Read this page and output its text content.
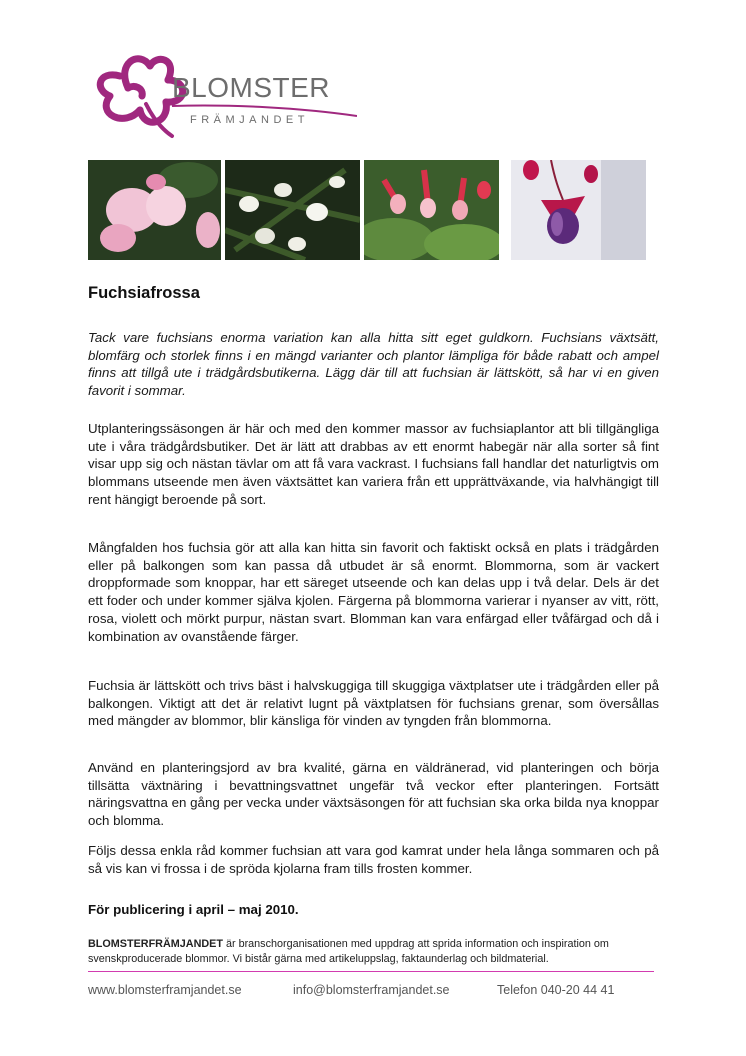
BLOMSTER
FRÄMJANDET
Fuchsiafrossa

Tack vare fuchsians enorma variation kan alla hitta sitt eget guldkorn. Fuchsians växtsätt, blomfärg och storlek finns i en mängd varianter och plantor lämpliga för både rabatt och ampel finns att tillgå ute i trädgårdsbutikerna. Lägg där till att fuchsian är lättskött, så har vi en given favorit i sommar.

Utplanteringssäsongen är här och med den kommer massor av fuchsiaplantor att bli tillgängliga ute i våra trädgårdsbutiker. Det är lätt att drabbas av ett enormt habegär när alla sorter så fint visar upp sig och nästan tävlar om att få vara vackrast. I fuchsians fall handlar det naturligtvis om blommans utseende men även växtsättet kan variera från ett upprättväxande, via halvhängigt till rent hängigt beroende på sort.

Mångfalden hos fuchsia gör att alla kan hitta sin favorit och faktiskt också en plats i trädgården eller på balkongen som kan passa då utbudet är så enormt. Blommorna, som är vackert droppformade som knoppar, har ett säreget utseende och kan delas upp i två delar. Dels är det ett foder och under kommer själva kjolen. Färgerna på blommorna varierar i nyanser av vitt, rött, rosa, violett och mörkt purpur, nästan svart. Blomman kan vara enfärgad eller tvåfärgad och då i kombination av ovanstående färger.

Fuchsia är lättskött och trivs bäst i halvskuggiga till skuggiga växtplatser ute i trädgården eller på balkongen. Viktigt att det är relativt lugnt på växtplatsen för fuchsians grenar, som översållas med mängder av blommor, blir känsliga för vinden av tyngden från blommorna.

Använd en planteringsjord av bra kvalité, gärna en väldränerad, vid planteringen och börja tillsätta växtnäring i bevattningsvattnet ungefär två veckor efter planteringen. Fortsätt näringsvattna en gång per vecka under växtsäsongen för att fuchsian ska orka bilda nya knoppar och blomma.

Följs dessa enkla råd kommer fuchsian att vara god kamrat under hela långa sommaren och på så vis kan vi frossa i de spröda kjolarna fram tills frosten kommer.

För publicering i april – maj 2010.

BLOMSTERFRÄMJANDET är branschorganisationen med uppdrag att sprida information och inspiration om svenskproducerade blommor. Vi bistår gärna med artikeluppslag, faktaunderlag och bildmaterial.

www.blomsterframjandet.se	info@blomsterframjandet.se	Telefon 040-20 44 41
